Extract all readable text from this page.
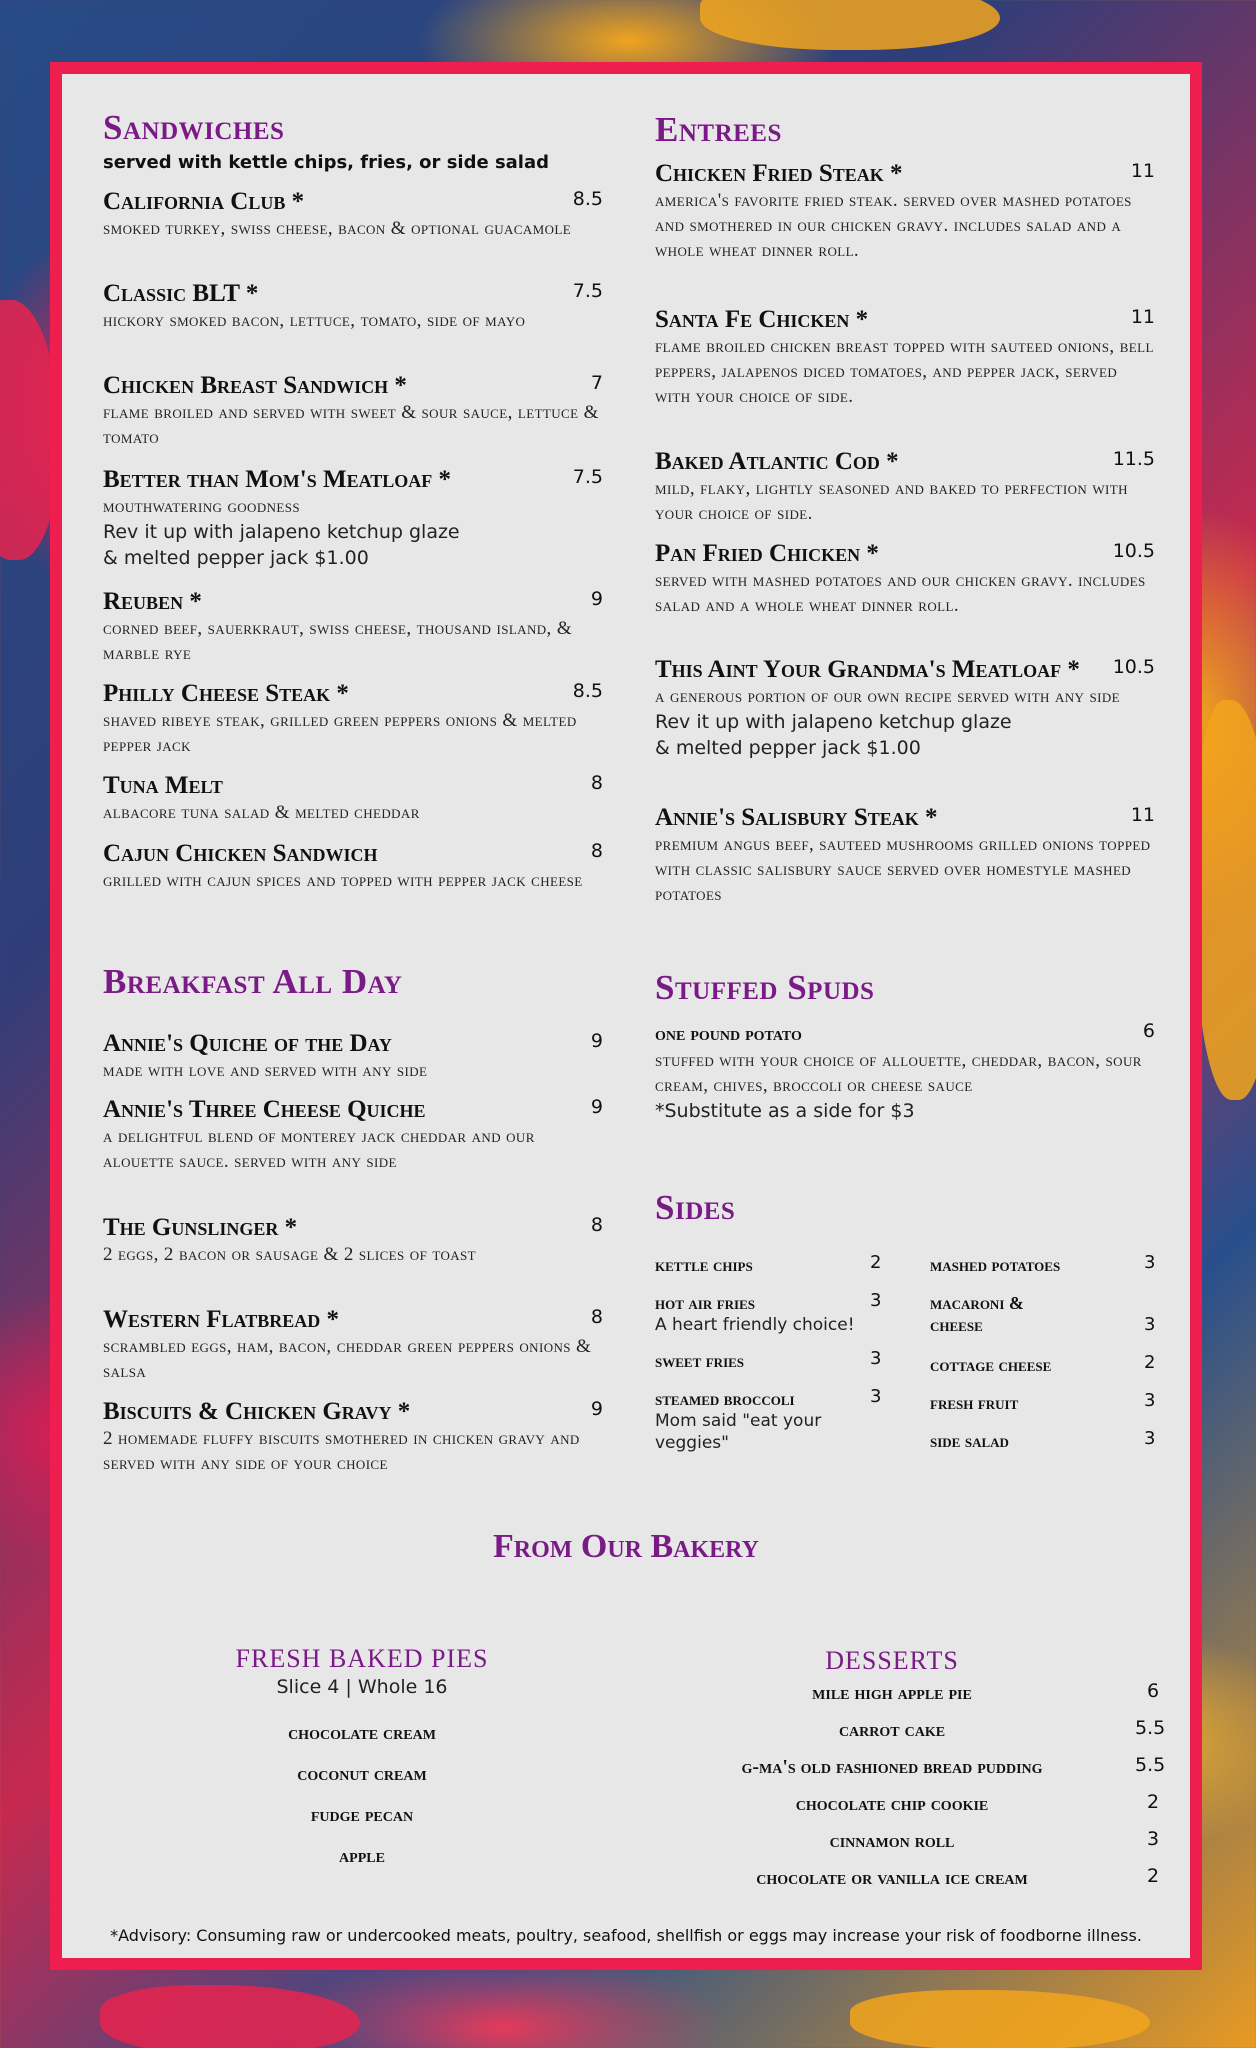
Sandwiches
served with kettle chips, fries, or side salad
California Club *	8.5
smoked turkey, swiss cheese, bacon & optional guacamole
Classic BLT *	7.5
hickory smoked bacon, lettuce, tomato, side of mayo
Chicken Breast Sandwich *	7
flame broiled and served with sweet & sour sauce, lettuce & tomato
Better than Mom's Meatloaf *	7.5
mouthwatering goodness
Rev it up with jalapeno ketchup glaze
& melted pepper jack $1.00
Reuben *	9
corned beef, sauerkraut, swiss cheese, thousand island, & marble rye
Philly Cheese Steak *	8.5
shaved ribeye steak, grilled green peppers onions & melted pepper jack
Tuna Melt	8
albacore tuna salad & melted cheddar
Cajun Chicken Sandwich	8
grilled with cajun spices and topped with pepper jack cheese
Breakfast All Day
Annie's Quiche of the Day	9
made with love and served with any side
Annie's Three Cheese Quiche	9
a delightful blend of monterey jack cheddar and our alouette sauce. served with any side
The Gunslinger *	8
2 eggs, 2 bacon or sausage & 2 slices of toast
Western Flatbread *	8
scrambled eggs, ham, bacon, cheddar green peppers onions & salsa
Biscuits & Chicken Gravy *	9
2 homemade fluffy biscuits smothered in chicken gravy and served with any side of your choice
Entrees
Chicken Fried Steak *	11
america's favorite fried steak. served over mashed potatoes and smothered in our chicken gravy. includes salad and a whole wheat dinner roll.
Santa Fe Chicken *	11
flame broiled chicken breast topped with sauteed onions, bell peppers, jalapenos diced tomatoes, and pepper jack, served with your choice of side.
Baked Atlantic Cod *	11.5
mild, flaky, lightly seasoned and baked to perfection with your choice of side.
Pan Fried Chicken *	10.5
served with mashed potatoes and our chicken gravy. includes salad and a whole wheat dinner roll.
This Aint Your Grandma's Meatloaf *	10.5
a generous portion of our own recipe served with any side
Rev it up with jalapeno ketchup glaze
& melted pepper jack $1.00
Annie's Salisbury Steak *	11
premium angus beef, sauteed mushrooms grilled onions topped with classic salisbury sauce served over homestyle mashed potatoes
Stuffed Spuds
one pound potato	6
stuffed with your choice of allouette, cheddar, bacon, sour cream, chives, broccoli or cheese sauce
*Substitute as a side for $3
Sides
kettle chips	2
hot air fries	3
A heart friendly choice!
sweet fries	3
steamed broccoli	3
Mom said "eat your veggies"
mashed potatoes	3
macaroni & cheese	3
cottage cheese	2
fresh fruit	3
side salad	3
From Our Bakery
FRESH BAKED PIES
Slice 4 | Whole 16
chocolate cream
coconut cream
fudge pecan
apple
DESSERTS
mile high apple pie	6
carrot cake	5.5
g-ma's old fashioned bread pudding	5.5
chocolate chip cookie	2
cinnamon roll	3
chocolate or vanilla ice cream	2
*Advisory: Consuming raw or undercooked meats, poultry, seafood, shellfish or eggs may increase your risk of foodborne illness.
